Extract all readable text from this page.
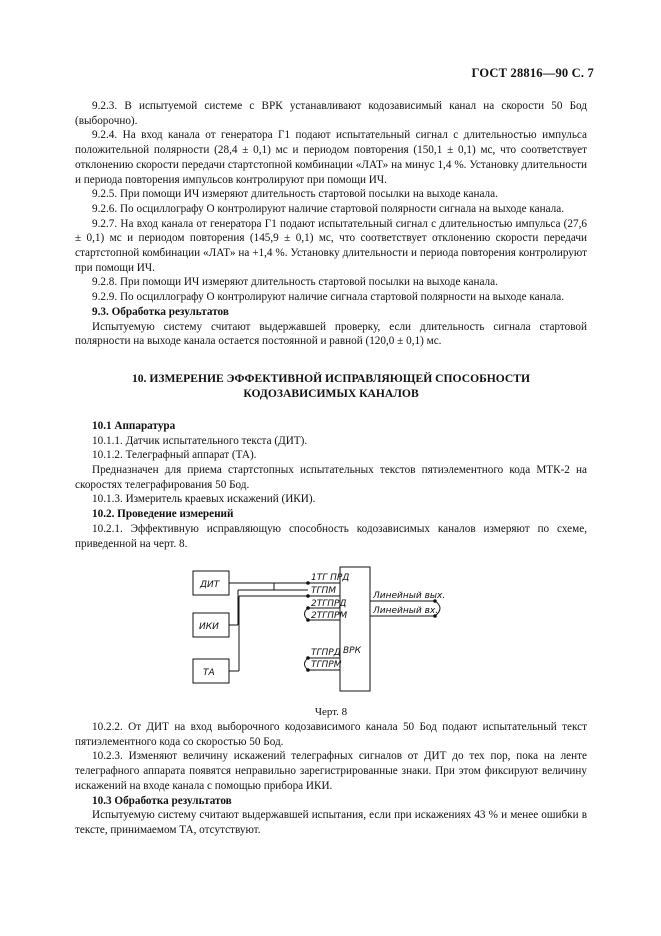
ГОСТ 28816—90 С. 7

9.2.3. В испытуемой системе с ВРК устанавливают кодозависимый канал на скорости 50 Бод (выборочно).

9.2.4. На вход канала от генератора Г1 подают испытательный сигнал с длительностью импульса положительной полярности (28,4 ± 0,1) мс и периодом повторения (150,1 ± 0,1) мс, что соответствует отклонению скорости передачи стартстопной комбинации «ЛАТ» на минус 1,4 %. Установку длительности и периода повторения импульсов контролируют при помощи ИЧ.

9.2.5. При помощи ИЧ измеряют длительность стартовой посылки на выходе канала.

9.2.6. По осциллографу О контролируют наличие стартовой полярности сигнала на выходе канала.

9.2.7. На вход канала от генератора Г1 подают испытательный сигнал с длительностью импульса (27,6 ± 0,1) мс и периодом повторения (145,9 ± 0,1) мс, что соответствует отклонению скорости передачи стартстопной комбинации «ЛАТ» на +1,4 %. Установку длительности и периода повторения контролируют при помощи ИЧ.

9.2.8. При помощи ИЧ измеряют длительность стартовой посылки на выходе канала.

9.2.9. По осциллографу О контролируют наличие сигнала стартовой полярности на выходе канала.

9.3. Обработка результатов

Испытуемую систему считают выдержавшей проверку, если длительность сигнала стартовой полярности на выходе канала остается постоянной и равной (120,0 ± 0,1) мс.

10. ИЗМЕРЕНИЕ ЭФФЕКТИВНОЙ ИСПРАВЛЯЮЩЕЙ СПОСОБНОСТИ
КОДОЗАВИСИМЫХ КАНАЛОВ

10.1 Аппаратура

10.1.1. Датчик испытательного текста (ДИТ).

10.1.2. Телеграфный аппарат (ТА).

Предназначен для приема стартстопных испытательных текстов пятиэлементного кода МТК-2 на скоростях телеграфирования 50 Бод.

10.1.3. Измеритель краевых искажений (ИКИ).

10.2. Проведение измерений

10.2.1. Эффективную исправляющую способность кодозависимых каналов измеряют по схеме, приведенной на черт. 8.

ДИТ
ИКИ
ТА
ВРК
1ТГ ПРД
ТГПМ
2ТГПРД
2ТГПРМ
ТГПРД
ТГПРМ
Линейный вых.
Линейный вх.

Черт. 8

10.2.2. От ДИТ на вход выборочного кодозависимого канала 50 Бод подают испытательный текст пятиэлементного кода со скоростью 50 Бод.

10.2.3. Изменяют величину искажений телеграфных сигналов от ДИТ до тех пор, пока на ленте телеграфного аппарата появятся неправильно зарегистрированные знаки. При этом фиксируют величину искажений на входе канала с помощью прибора ИКИ.

10.3 Обработка результатов

Испытуемую систему считают выдержавшей испытания, если при искажениях 43 % и менее ошибки в тексте, принимаемом ТА, отсутствуют.
